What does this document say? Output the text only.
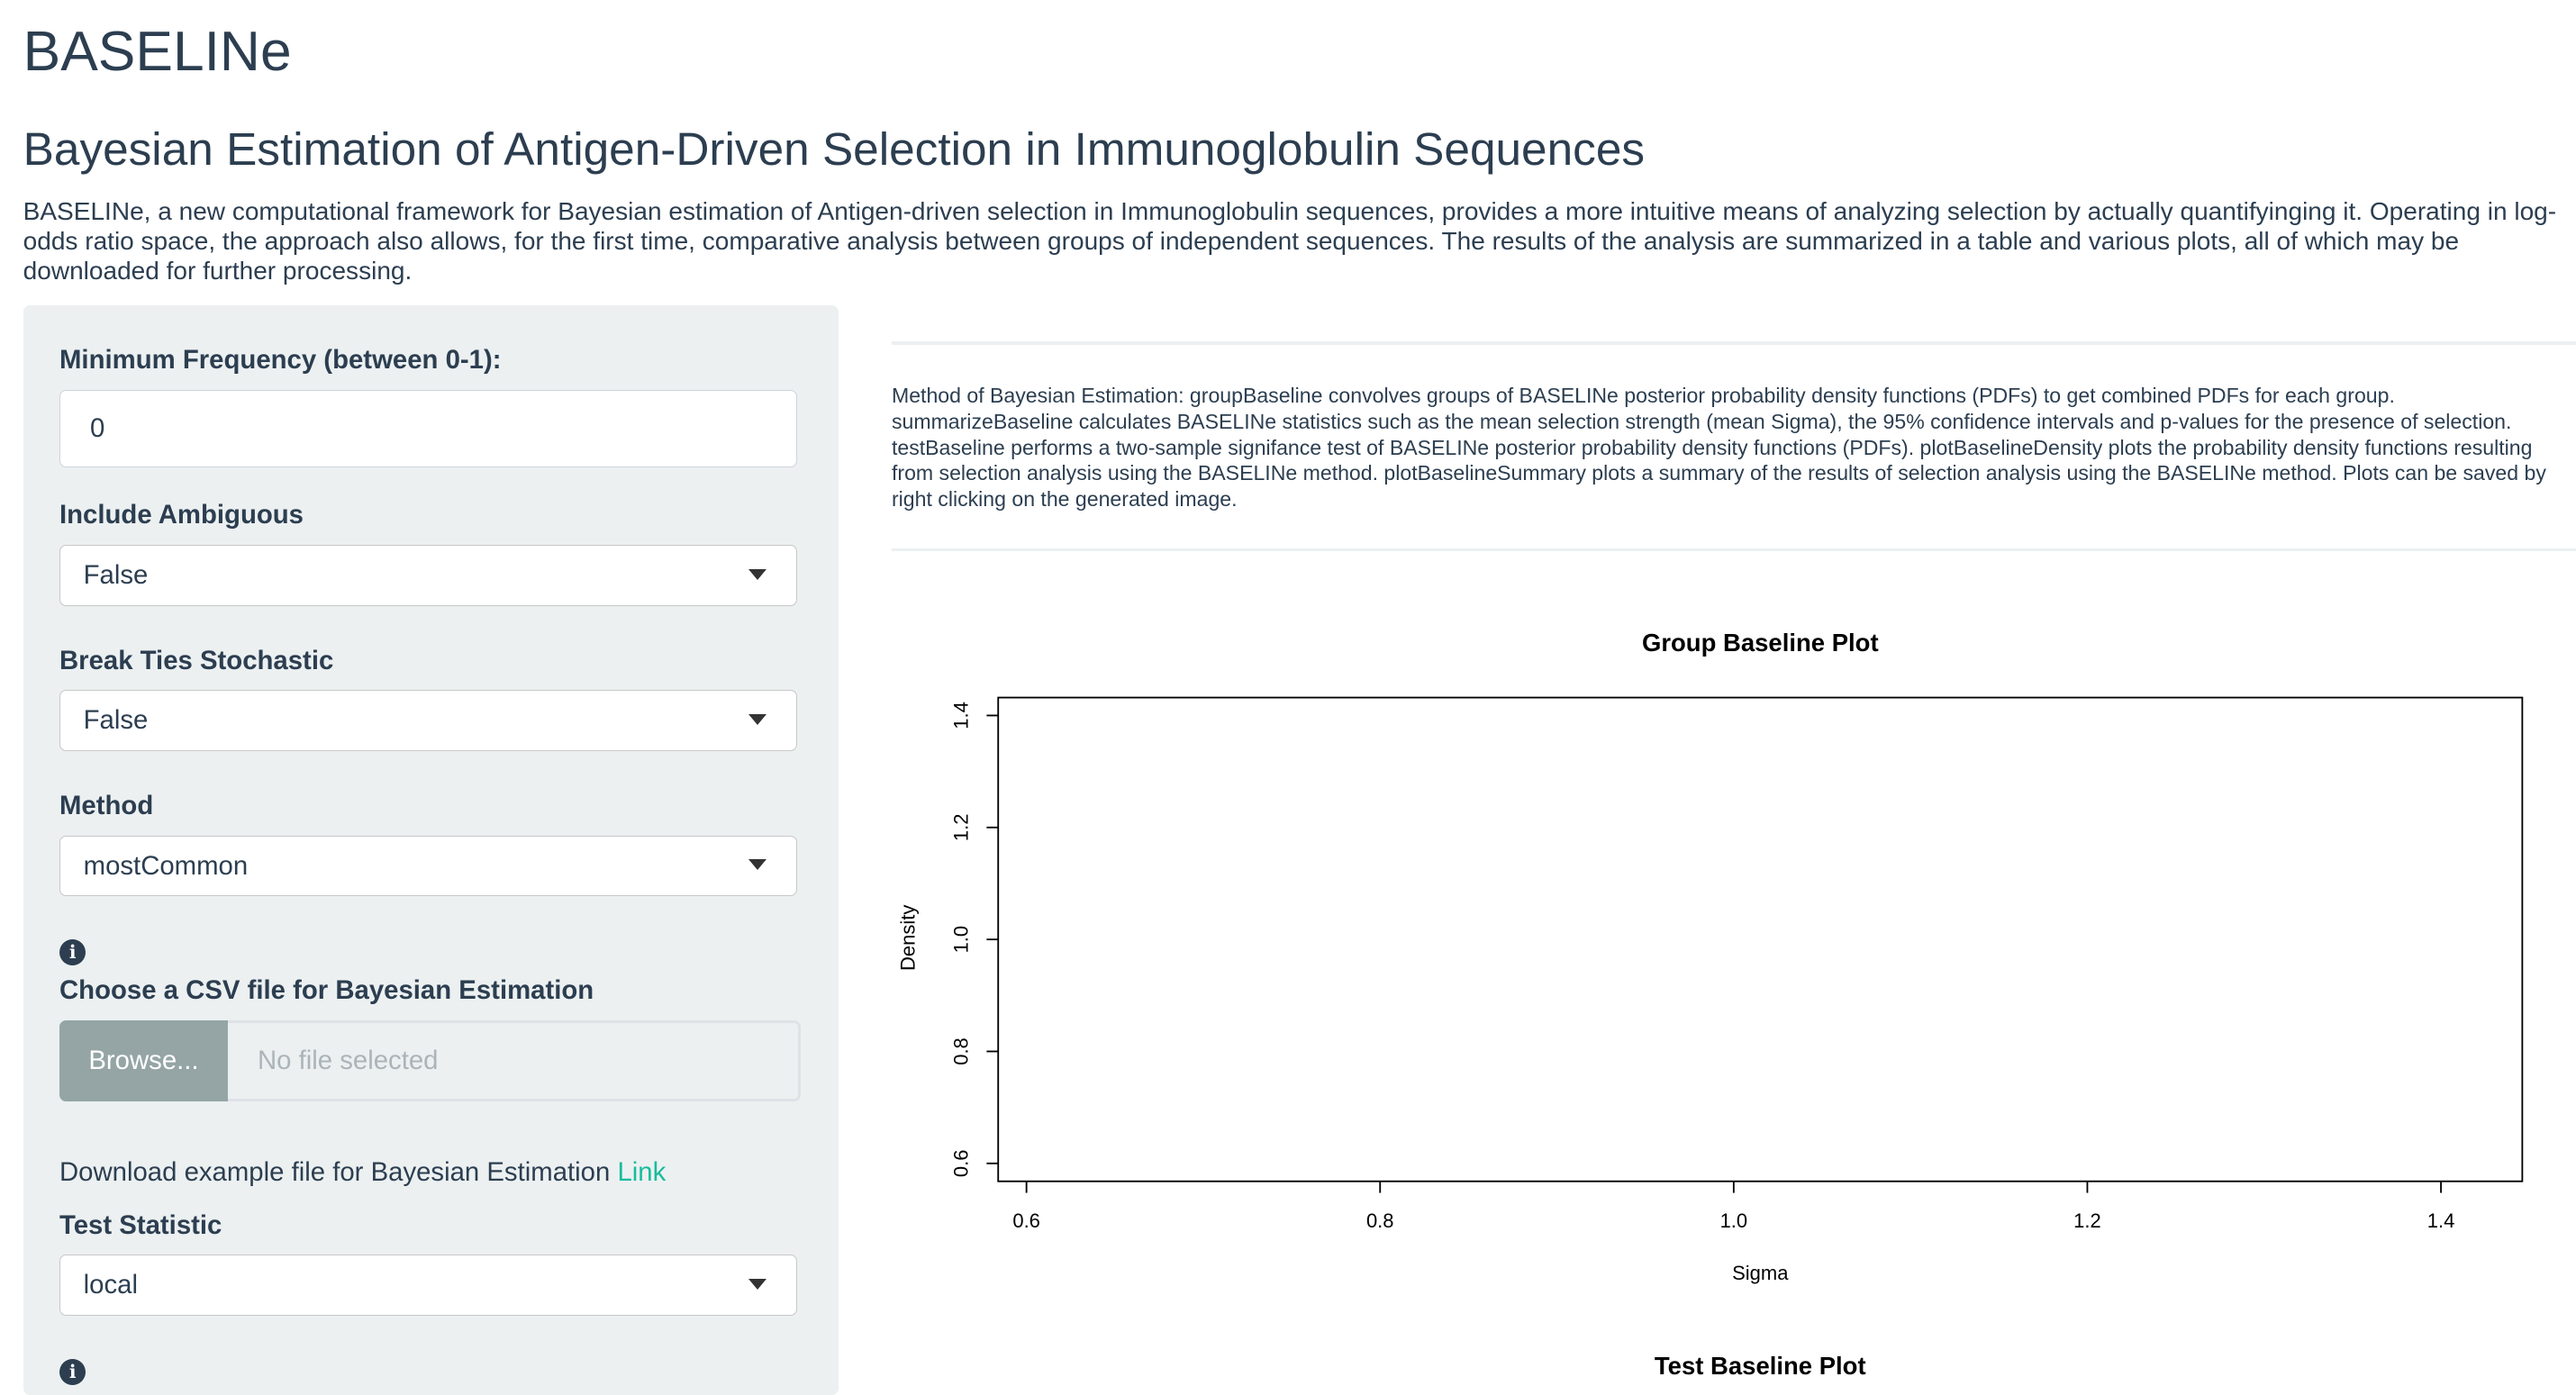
BASELINe
Bayesian Estimation of Antigen-Driven Selection in Immunoglobulin Sequences

BASELINe, a new computational framework for Bayesian estimation of Antigen-driven selection in Immunoglobulin sequences, provides a more intuitive means of analyzing selection by actually quantifyinging it. Operating in log-odds ratio space, the approach also allows, for the first time, comparative analysis between groups of independent sequences. The results of the analysis are summarized in a table and various plots, all of which may be downloaded for further processing.

Minimum Frequency (between 0-1):
0
Include Ambiguous
False
Break Ties Stochastic
False
Method
mostCommon
i
Choose a CSV file for Bayesian Estimation
Browse...	No file selected
Download example file for Bayesian Estimation Link
Test Statistic
local
i

Method of Bayesian Estimation: groupBaseline convolves groups of BASELINe posterior probability density functions (PDFs) to get combined PDFs for each group. summarizeBaseline calculates BASELINe statistics such as the mean selection strength (mean Sigma), the 95% confidence intervals and p-values for the presence of selection. testBaseline performs a two-sample signifance test of BASELINe posterior probability density functions (PDFs). plotBaselineDensity plots the probability density functions resulting from selection analysis using the BASELINe method. plotBaselineSummary plots a summary of the results of selection analysis using the BASELINe method. Plots can be saved by right clicking on the generated image.

Group Baseline Plot
Sigma
Density
0.6	0.8	1.0	1.2	1.4
0.6
0.8
1.0
1.2
1.4
Test Baseline Plot
